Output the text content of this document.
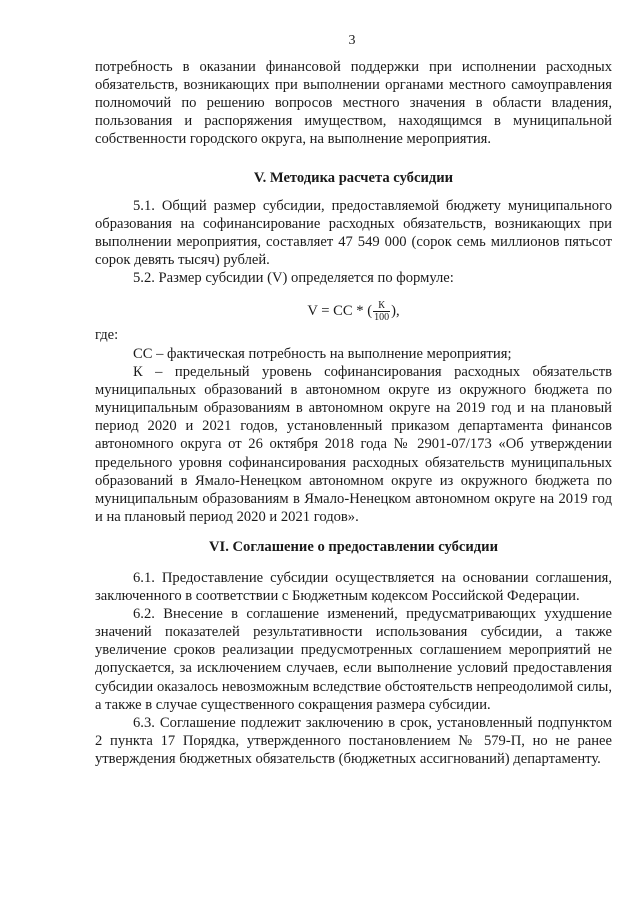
3

потребность в оказании финансовой поддержки при исполнении расходных обязательств, возникающих при выполнении органами местного самоуправления полномочий по решению вопросов местного значения в области владения, пользования и распоряжения имуществом, находящимся в муниципальной собственности городского округа, на выполнение мероприятия.

V. Методика расчета субсидии

5.1. Общий размер субсидии, предоставляемой бюджету муниципального образования на софинансирование расходных обязательств, возникающих при выполнении мероприятия, составляет 47 549 000 (сорок семь миллионов пятьсот сорок девять тысяч) рублей.

5.2. Размер субсидии (V) определяется по формуле:

V = СС * ( $\frac{К}{100}$ ),

где:

СС – фактическая потребность на выполнение мероприятия;

К – предельный уровень софинансирования расходных обязательств муниципальных образований в автономном округе из окружного бюджета по муниципальным образованиям в автономном округе на 2019 год и на плановый период 2020 и 2021 годов, установленный приказом департамента финансов автономного округа от 26 октября 2018 года № 2901-07/173 «Об утверждении предельного уровня софинансирования расходных обязательств муниципальных образований в Ямало-Ненецком автономном округе из окружного бюджета по муниципальным образованиям в Ямало-Ненецком автономном округе на 2019 год и на плановый период 2020 и 2021 годов».

VI. Соглашение о предоставлении субсидии

6.1. Предоставление субсидии осуществляется на основании соглашения, заключенного в соответствии с Бюджетным кодексом Российской Федерации.

6.2. Внесение в соглашение изменений, предусматривающих ухудшение значений показателей результативности использования субсидии, а также увеличение сроков реализации предусмотренных соглашением мероприятий не допускается, за исключением случаев, если выполнение условий предоставления субсидии оказалось невозможным вследствие обстоятельств непреодолимой силы, а также в случае существенного сокращения размера субсидии.

6.3. Соглашение подлежит заключению в срок, установленный подпунктом 2 пункта 17 Порядка, утвержденного постановлением № 579-П, но не ранее утверждения бюджетных обязательств (бюджетных ассигнований) департаменту.
